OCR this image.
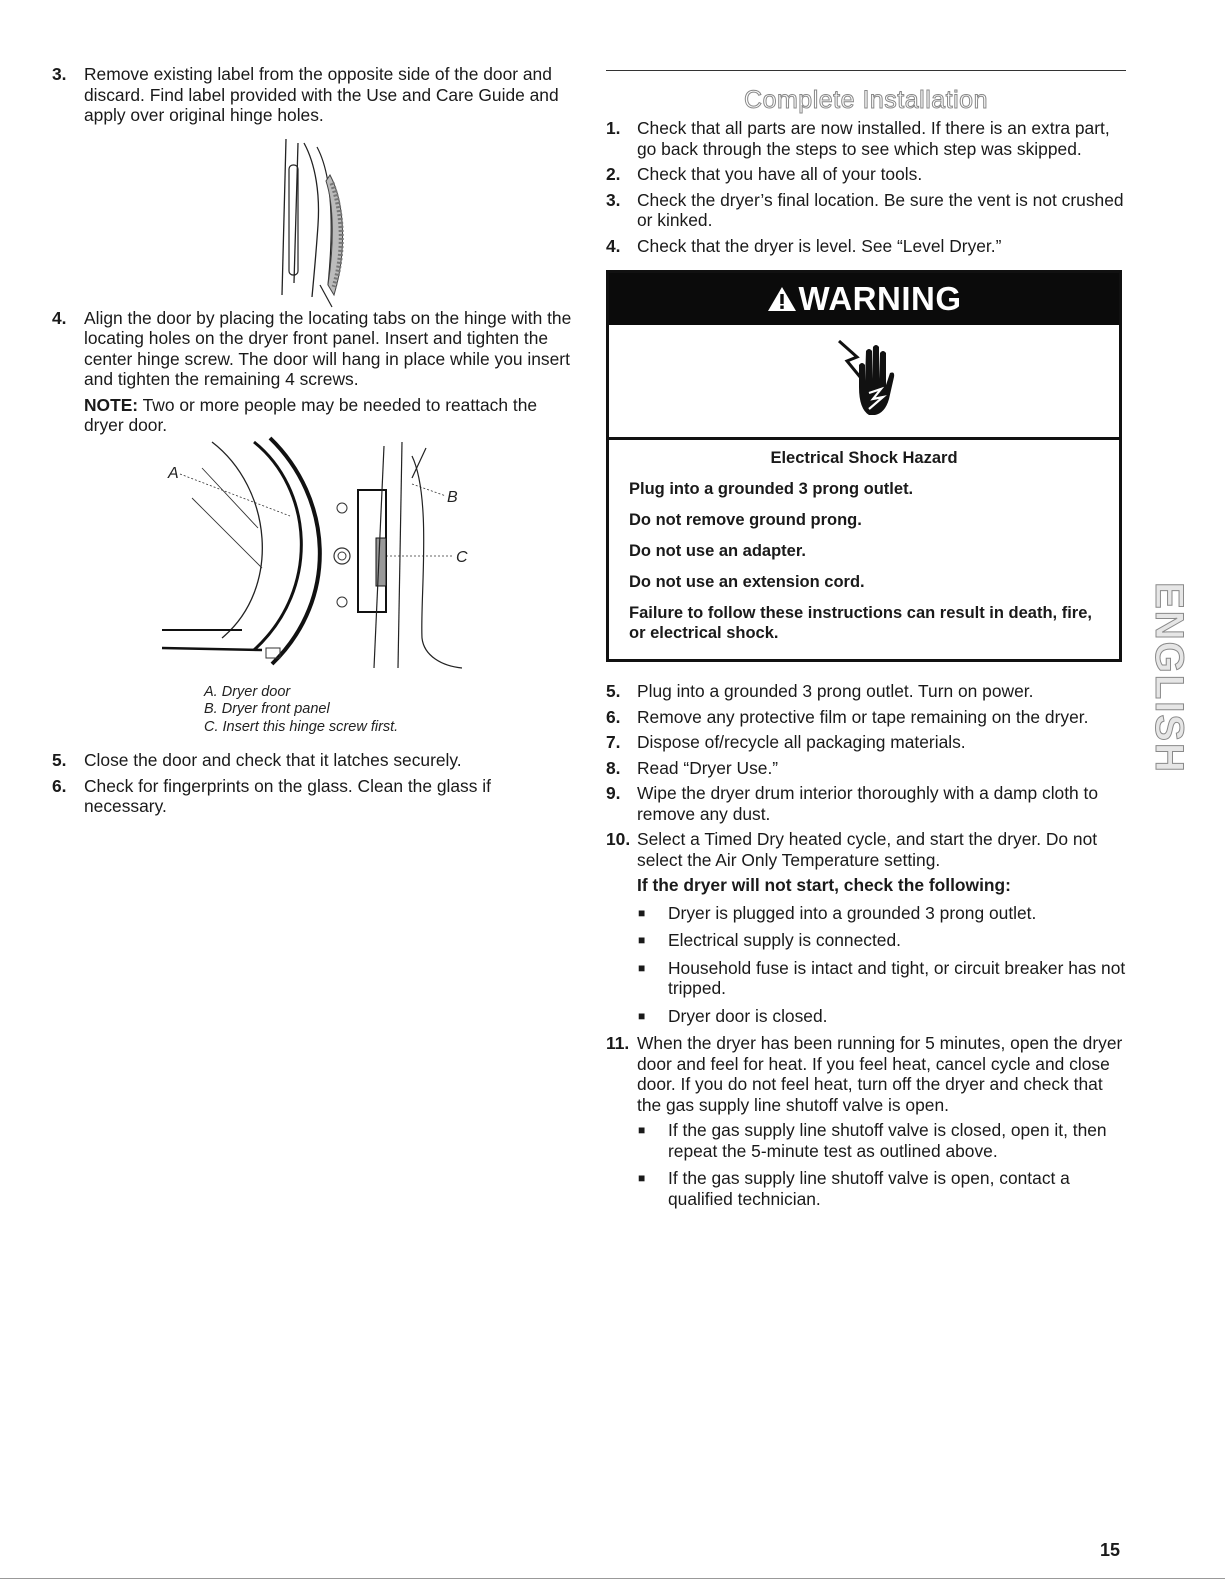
3.	Remove existing label from the opposite side of the door and discard. Find label provided with the Use and Care Guide and apply over original hinge holes.
4.	Align the door by placing the locating tabs on the hinge with the locating holes on the dryer front panel. Insert and tighten the center hinge screw. The door will hang in place while you insert and tighten the remaining 4 screws.
NOTE: Two or more people may be needed to reattach the dryer door.
A
B
C
A. Dryer door
B. Dryer front panel
C. Insert this hinge screw first.
5.	Close the door and check that it latches securely.
6.	Check for fingerprints on the glass. Clean the glass if necessary.
Complete Installation
1. Check that all parts are now installed. If there is an extra part, go back through the steps to see which step was skipped.
2. Check that you have all of your tools.
3. Check the dryer’s final location. Be sure the vent is not crushed or kinked.
4. Check that the dryer is level. See “Level Dryer.”
WARNING

Electrical Shock Hazard

Plug into a grounded 3 prong outlet.

Do not remove ground prong.

Do not use an adapter.

Do not use an extension cord.

Failure to follow these instructions can result in death, fire, or electrical shock.

5. Plug into a grounded 3 prong outlet. Turn on power.
6. Remove any protective film or tape remaining on the dryer.
7. Dispose of/recycle all packaging materials.
8. Read “Dryer Use.”
9. Wipe the dryer drum interior thoroughly with a damp cloth to remove any dust.
10. Select a Timed Dry heated cycle, and start the dryer. Do not select the Air Only Temperature setting.
If the dryer will not start, check the following:
■	Dryer is plugged into a grounded 3 prong outlet.
■	Electrical supply is connected.
■	Household fuse is intact and tight, or circuit breaker has not tripped.
■	Dryer door is closed.
11. When the dryer has been running for 5 minutes, open the dryer door and feel for heat. If you feel heat, cancel cycle and close door. If you do not feel heat, turn off the dryer and check that the gas supply line shutoff valve is open.
■	If the gas supply line shutoff valve is closed, open it, then repeat the 5-minute test as outlined above.
■	If the gas supply line shutoff valve is open, contact a qualified technician.
ENGLISH
15
